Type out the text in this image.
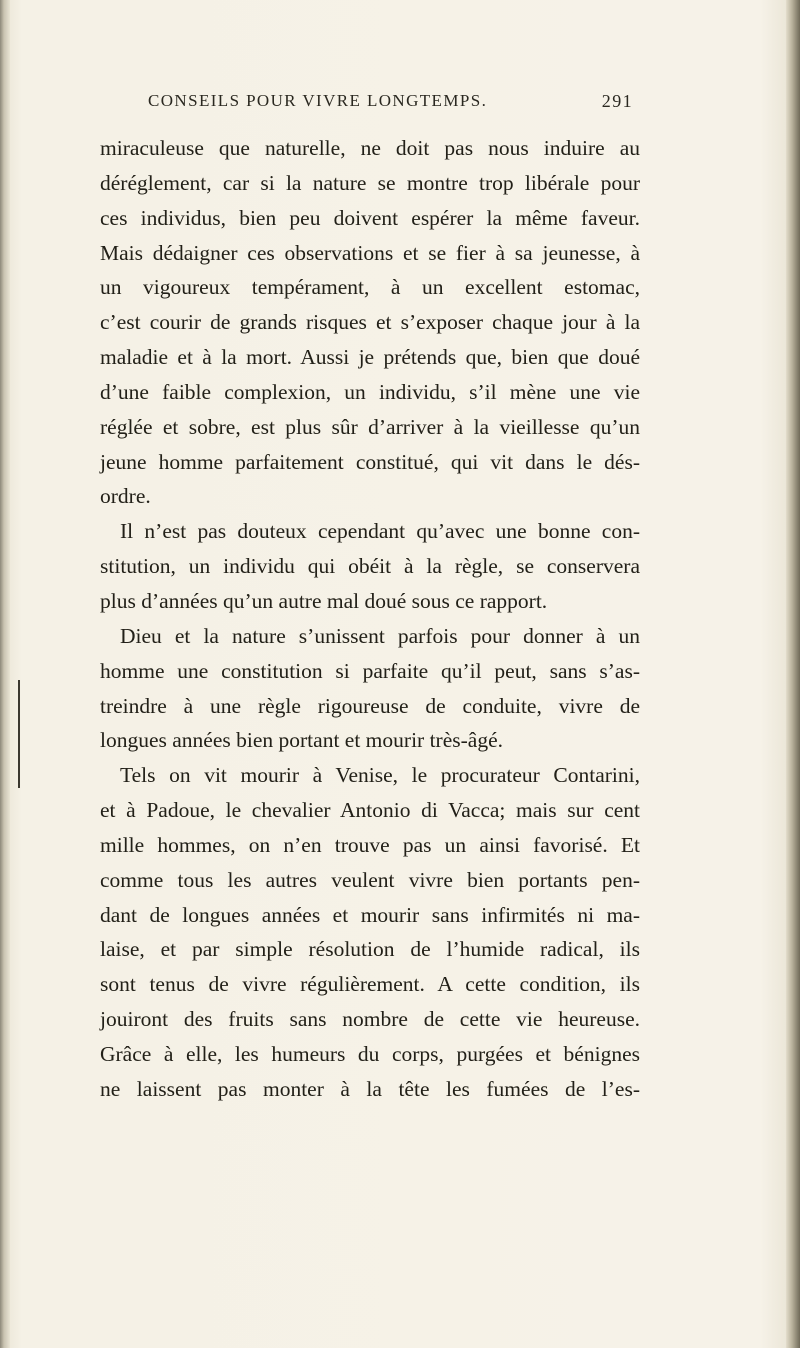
CONSEILS POUR VIVRE LONGTEMPS.	291
miraculeuse que naturelle, ne doit pas nous induire au
déréglement, car si la nature se montre trop libérale pour
ces individus, bien peu doivent espérer la même faveur.
Mais dédaigner ces observations et se fier à sa jeunesse, à
un vigoureux tempérament, à un excellent estomac,
c’est courir de grands risques et s’exposer chaque jour à la
maladie et à la mort. Aussi je prétends que, bien que doué
d’une faible complexion, un individu, s’il mène une vie
réglée et sobre, est plus sûr d’arriver à la vieillesse qu’un
jeune homme parfaitement constitué, qui vit dans le dés-
ordre.
Il n’est pas douteux cependant qu’avec une bonne con-
stitution, un individu qui obéit à la règle, se conservera
plus d’années qu’un autre mal doué sous ce rapport.
Dieu et la nature s’unissent parfois pour donner à un
homme une constitution si parfaite qu’il peut, sans s’as-
treindre à une règle rigoureuse de conduite, vivre de
longues années bien portant et mourir très-âgé.
Tels on vit mourir à Venise, le procurateur Contarini,
et à Padoue, le chevalier Antonio di Vacca; mais sur cent
mille hommes, on n’en trouve pas un ainsi favorisé. Et
comme tous les autres veulent vivre bien portants pen-
dant de longues années et mourir sans infirmités ni ma-
laise, et par simple résolution de l’humide radical, ils
sont tenus de vivre régulièrement. A cette condition, ils
jouiront des fruits sans nombre de cette vie heureuse.
Grâce à elle, les humeurs du corps, purgées et bénignes
ne laissent pas monter à la tête les fumées de l’es-
